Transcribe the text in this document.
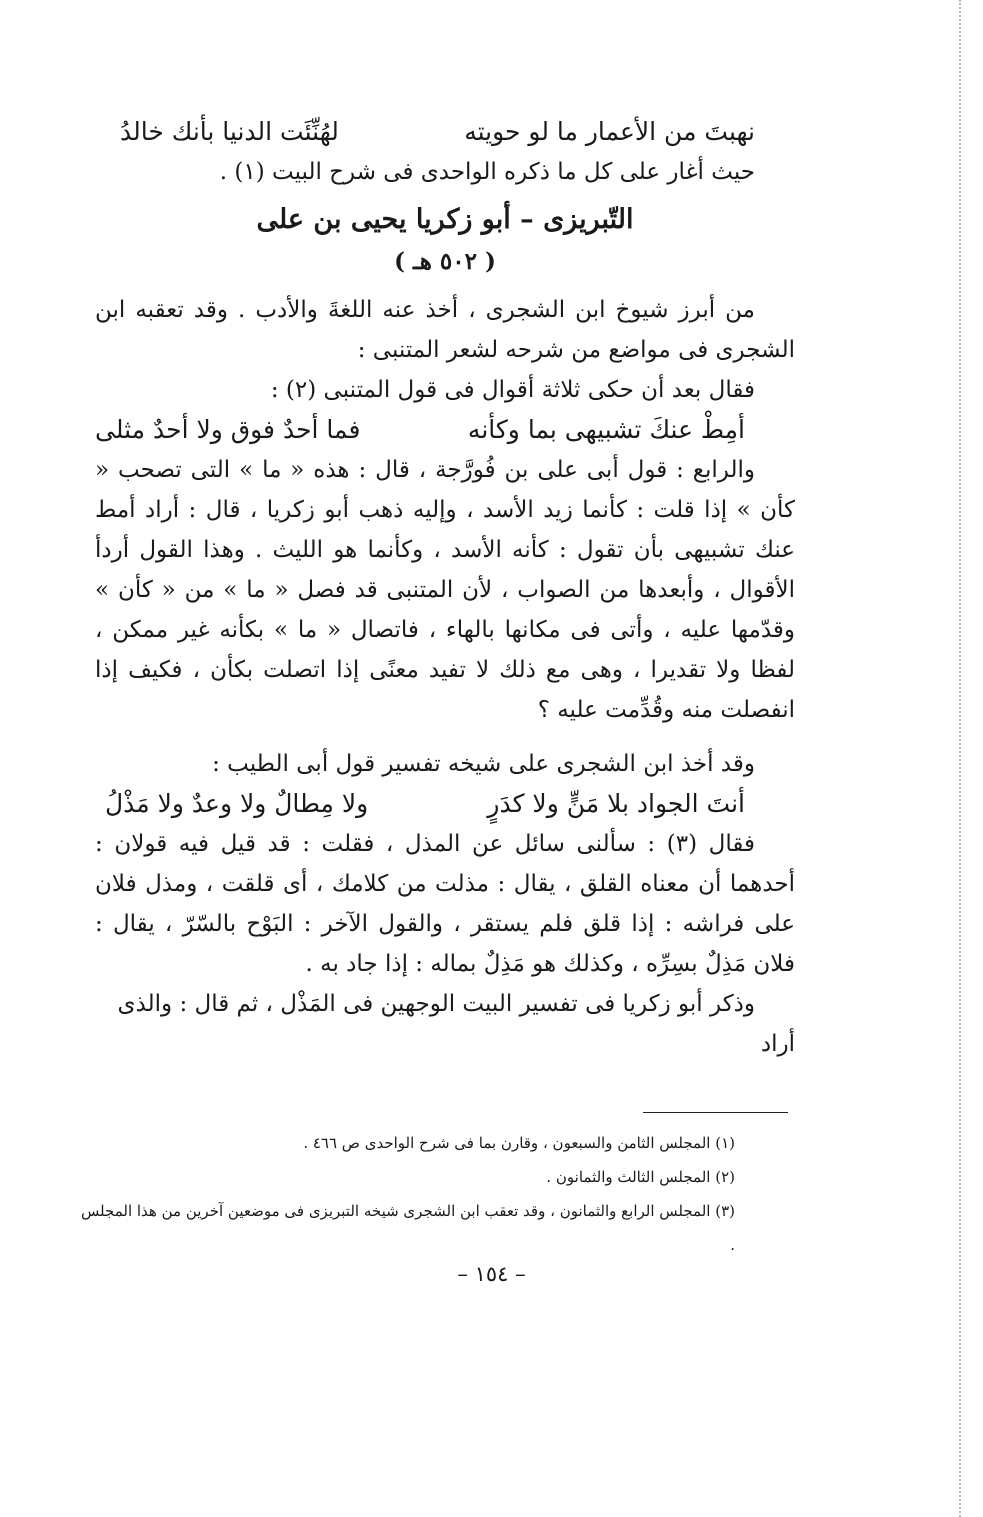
نهبتَ من الأعمار ما لو حويته
لهُنِّئَت الدنيا بأنك خالدُ

حيث أغار على كل ما ذكره الواحدى فى شرح البيت (١) .

التّبريزى – أبو زكريا يحيى بن على
( ٥٠٢ هـ )

من أبرز شيوخ ابن الشجرى ، أخذ عنه اللغةَ والأدب . وقد تعقبه ابن الشجرى فى مواضع من شرحه لشعر المتنبى :

فقال بعد أن حكى ثلاثة أقوال فى قول المتنبى (٢) :

أمِطْ عنكَ تشبيهى بما وكأنه
فما أحدٌ فوق ولا أحدٌ مثلى

والرابع : قول أبى على بن فُورَّجة ، قال : هذه « ما » التى تصحب « كأن » إذا قلت : كأنما زيد الأسد ، وإليه ذهب أبو زكريا ، قال : أراد أمط عنك تشبيهى بأن تقول : كأنه الأسد ، وكأنما هو الليث . وهذا القول أردأ الأقوال ، وأبعدها من الصواب ، لأن المتنبى قد فصل « ما » من « كأن » وقدّمها عليه ، وأتى فى مكانها بالهاء ، فاتصال « ما » بكأنه غير ممكن ، لفظا ولا تقديرا ، وهى مع ذلك لا تفيد معنًى إذا اتصلت بكأن ، فكيف إذا انفصلت منه وقُدِّمت عليه ؟

وقد أخذ ابن الشجرى على شيخه تفسير قول أبى الطيب :

أنتَ الجواد بلا مَنٍّ ولا كدَرٍ
ولا مِطالٌ ولا وعدٌ ولا مَذْلُ

فقال (٣) : سألنى سائل عن المذل ، فقلت : قد قيل فيه قولان : أحدهما أن معناه القلق ، يقال : مذلت من كلامك ، أى قلقت ، ومذل فلان على فراشه : إذا قلق فلم يستقر ، والقول الآخر : البَوْح بالسّرّ ، يقال : فلان مَذِلٌ بسِرِّه ، وكذلك هو مَذِلٌ بماله : إذا جاد به .

وذكر أبو زكريا فى تفسير البيت الوجهين فى المَذْل ، ثم قال : والذى أراد

(١) المجلس الثامن والسبعون ، وقارن بما فى شرح الواحدى ص ٤٦٦ .
(٢) المجلس الثالث والثمانون .
(٣) المجلس الرابع والثمانون ، وقد تعقب ابن الشجرى شيخه التبريزى فى موضعين آخرين من هذا المجلس .
– ١٥٤ –
